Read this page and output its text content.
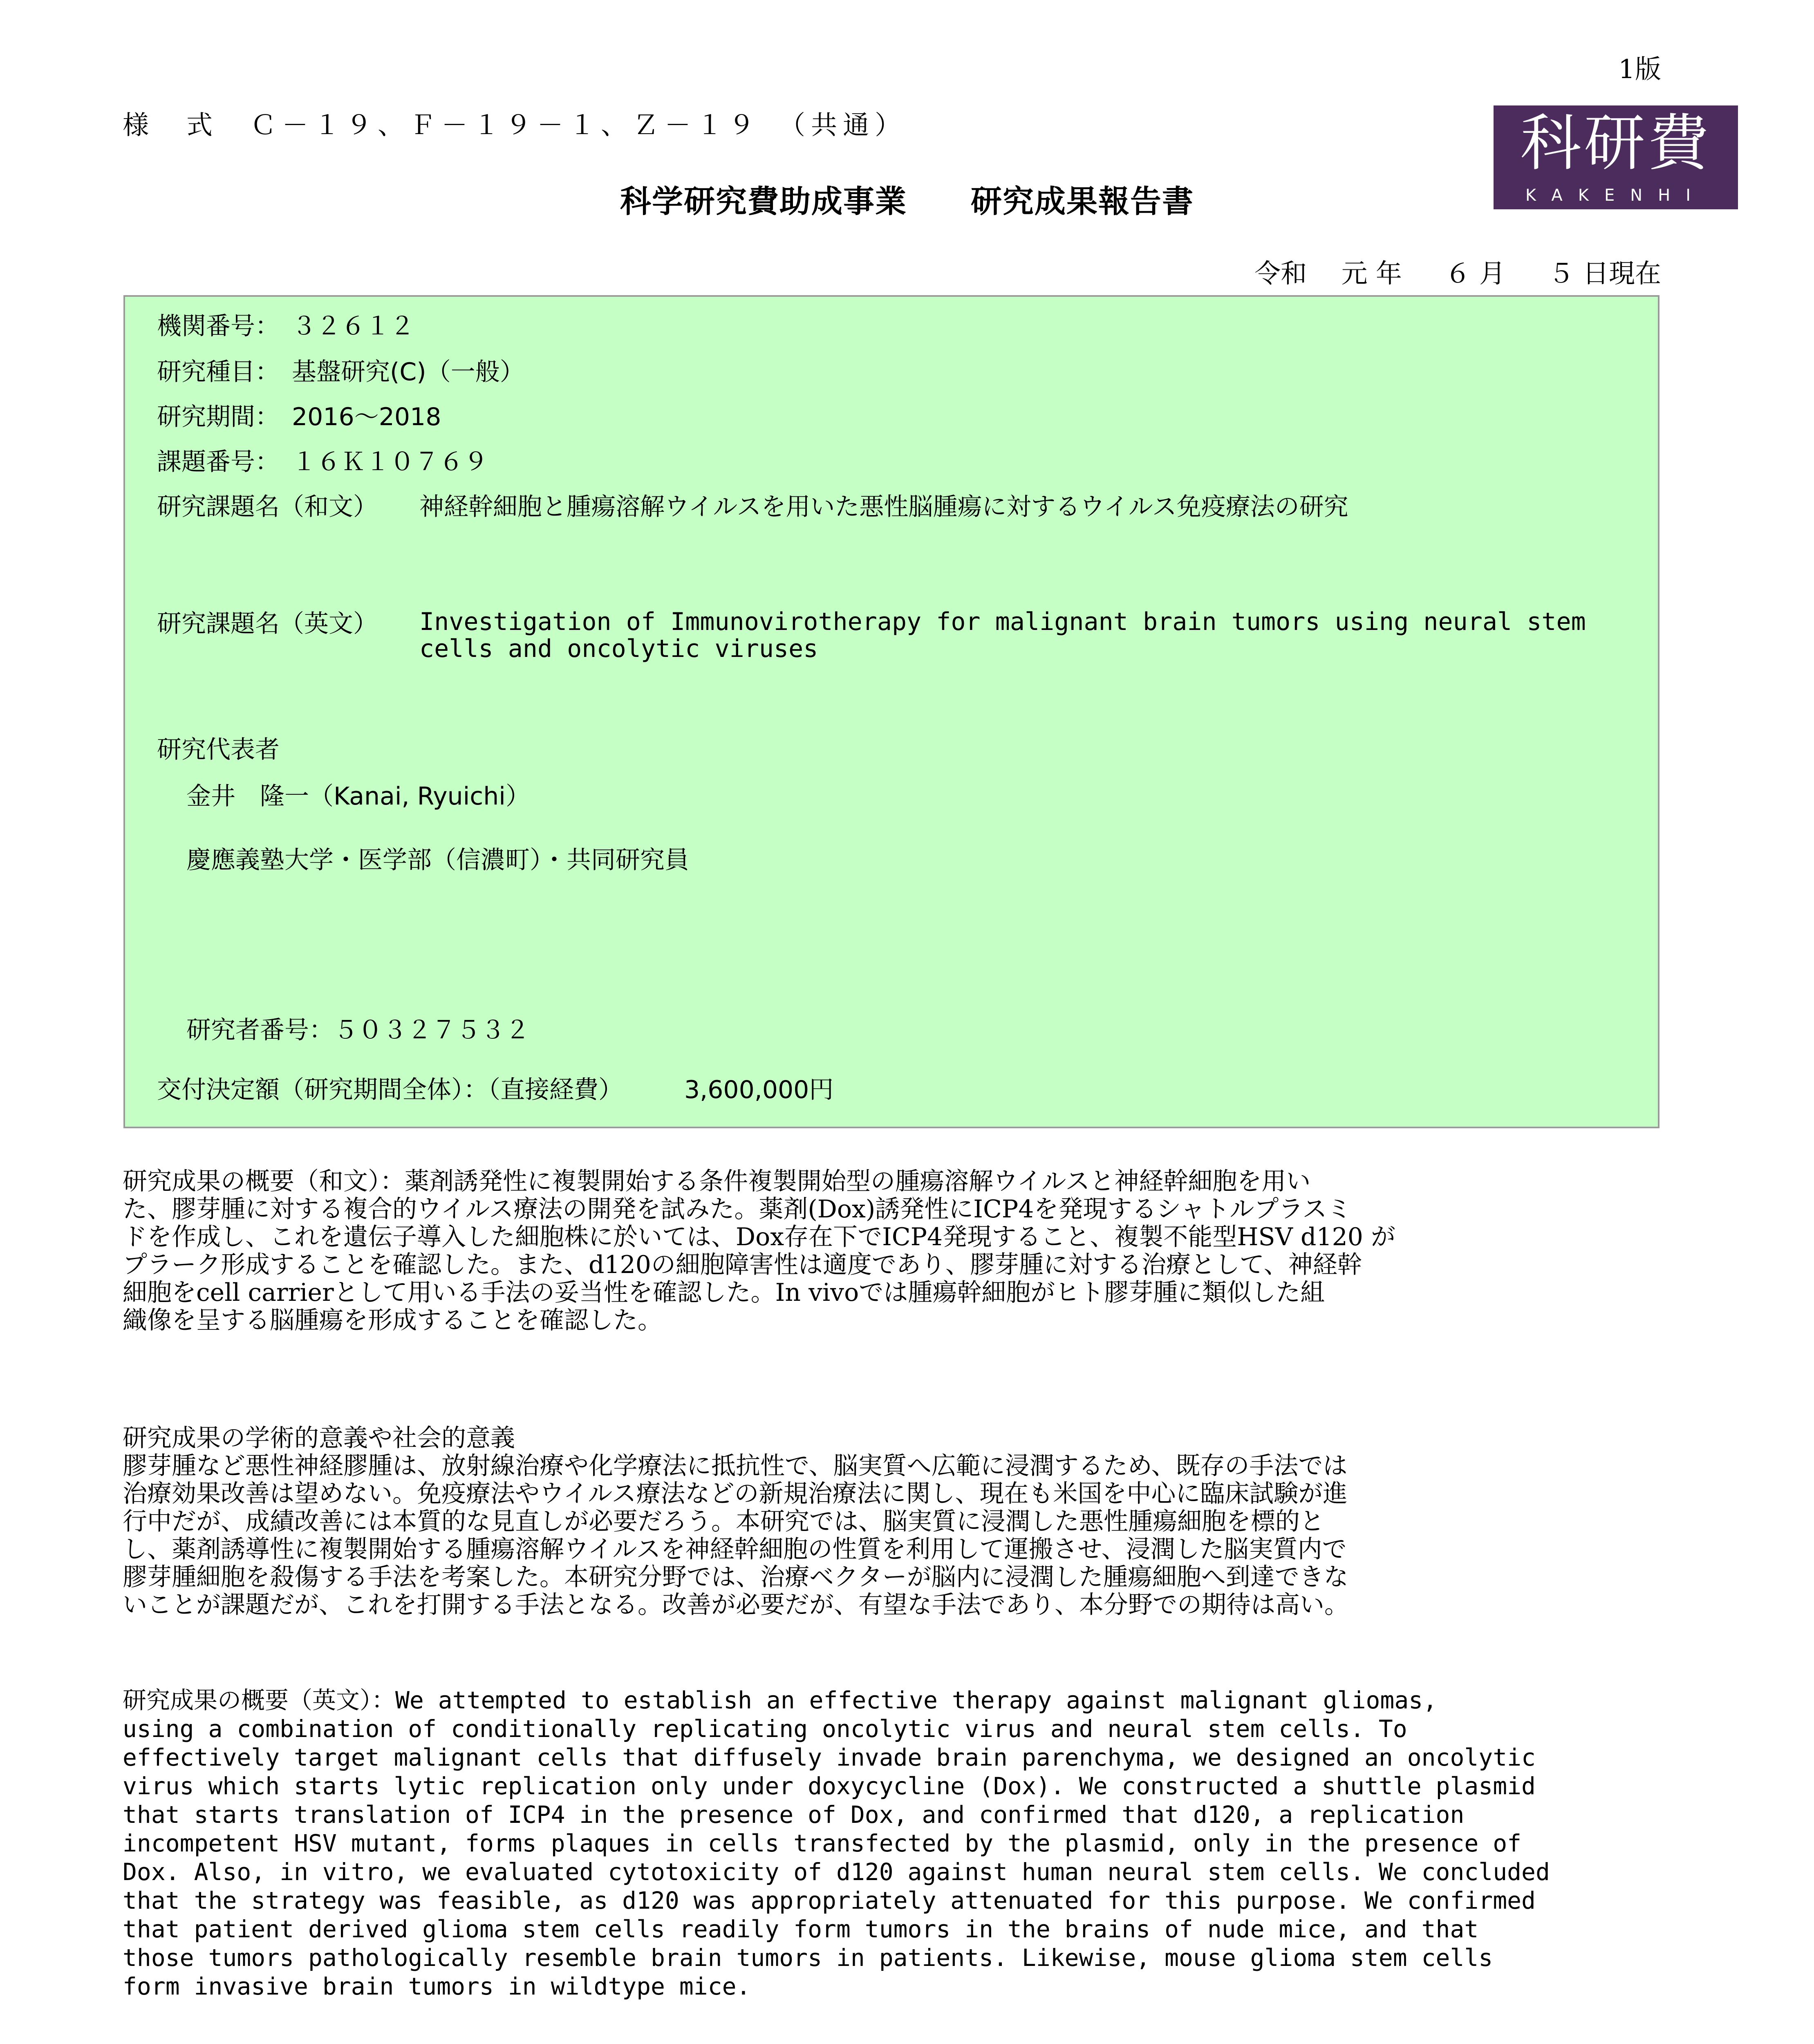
1版
様　式　Ｃ－１９、Ｆ－１９－１、Ｚ－１９　（共通）	科研費
KAKENHI
科学研究費助成事業　　研究成果報告書
令和　 元 年 　 ６ 月 　 ５ 日現在
機関番号：　３２６１２
研究種目：　基盤研究(C)（一般）
研究期間：　2016～2018
課題番号：　１６Ｋ１０７６９
研究課題名（和文） 神経幹細胞と腫瘍溶解ウイルスを用いた悪性脳腫瘍に対するウイルス免疫療法の研究
研究課題名（英文） Investigation of Immunovirotherapy for malignant brain tumors using neural stem cells and oncolytic viruses
研究代表者
金井　隆一（Kanai, Ryuichi）
慶應義塾大学・医学部（信濃町）・共同研究員
研究者番号：５０３２７５３２
交付決定額（研究期間全体）：（直接経費）　　　3,600,000円
研究成果の概要（和文）：薬剤誘発性に複製開始する条件複製開始型の腫瘍溶解ウイルスと神経幹細胞を用い
た、膠芽腫に対する複合的ウイルス療法の開発を試みた。薬剤(Dox)誘発性にICP4を発現するシャトルプラスミ
ドを作成し、これを遺伝子導入した細胞株に於いては、Dox存在下でICP4発現すること、複製不能型HSV d120 が
プラーク形成することを確認した。また、d120の細胞障害性は適度であり、膠芽腫に対する治療として、神経幹
細胞をcell carrierとして用いる手法の妥当性を確認した。In vivoでは腫瘍幹細胞がヒト膠芽腫に類似した組
織像を呈する脳腫瘍を形成することを確認した。
研究成果の学術的意義や社会的意義
膠芽腫など悪性神経膠腫は、放射線治療や化学療法に抵抗性で、脳実質へ広範に浸潤するため、既存の手法では
治療効果改善は望めない。免疫療法やウイルス療法などの新規治療法に関し、現在も米国を中心に臨床試験が進
行中だが、成績改善には本質的な見直しが必要だろう。本研究では、脳実質に浸潤した悪性腫瘍細胞を標的と
し、薬剤誘導性に複製開始する腫瘍溶解ウイルスを神経幹細胞の性質を利用して運搬させ、浸潤した脳実質内で
膠芽腫細胞を殺傷する手法を考案した。本研究分野では、治療ベクターが脳内に浸潤した腫瘍細胞へ到達できな
いことが課題だが、これを打開する手法となる。改善が必要だが、有望な手法であり、本分野での期待は高い。
研究成果の概要（英文）：We attempted to establish an effective therapy against malignant gliomas,
using a combination of conditionally replicating oncolytic virus and neural stem cells. To
effectively target malignant cells that diffusely invade brain parenchyma, we designed an oncolytic
virus which starts lytic replication only under doxycycline (Dox). We constructed a shuttle plasmid
that starts translation of ICP4 in the presence of Dox, and confirmed that d120, a replication
incompetent HSV mutant, forms plaques in cells transfected by the plasmid, only in the presence of
Dox. Also, in vitro, we evaluated cytotoxicity of d120 against human neural stem cells. We concluded
that the strategy was feasible, as d120 was appropriately attenuated for this purpose. We confirmed
that patient derived glioma stem cells readily form tumors in the brains of nude mice, and that
those tumors pathologically resemble brain tumors in patients. Likewise, mouse glioma stem cells
form invasive brain tumors in wildtype mice.
